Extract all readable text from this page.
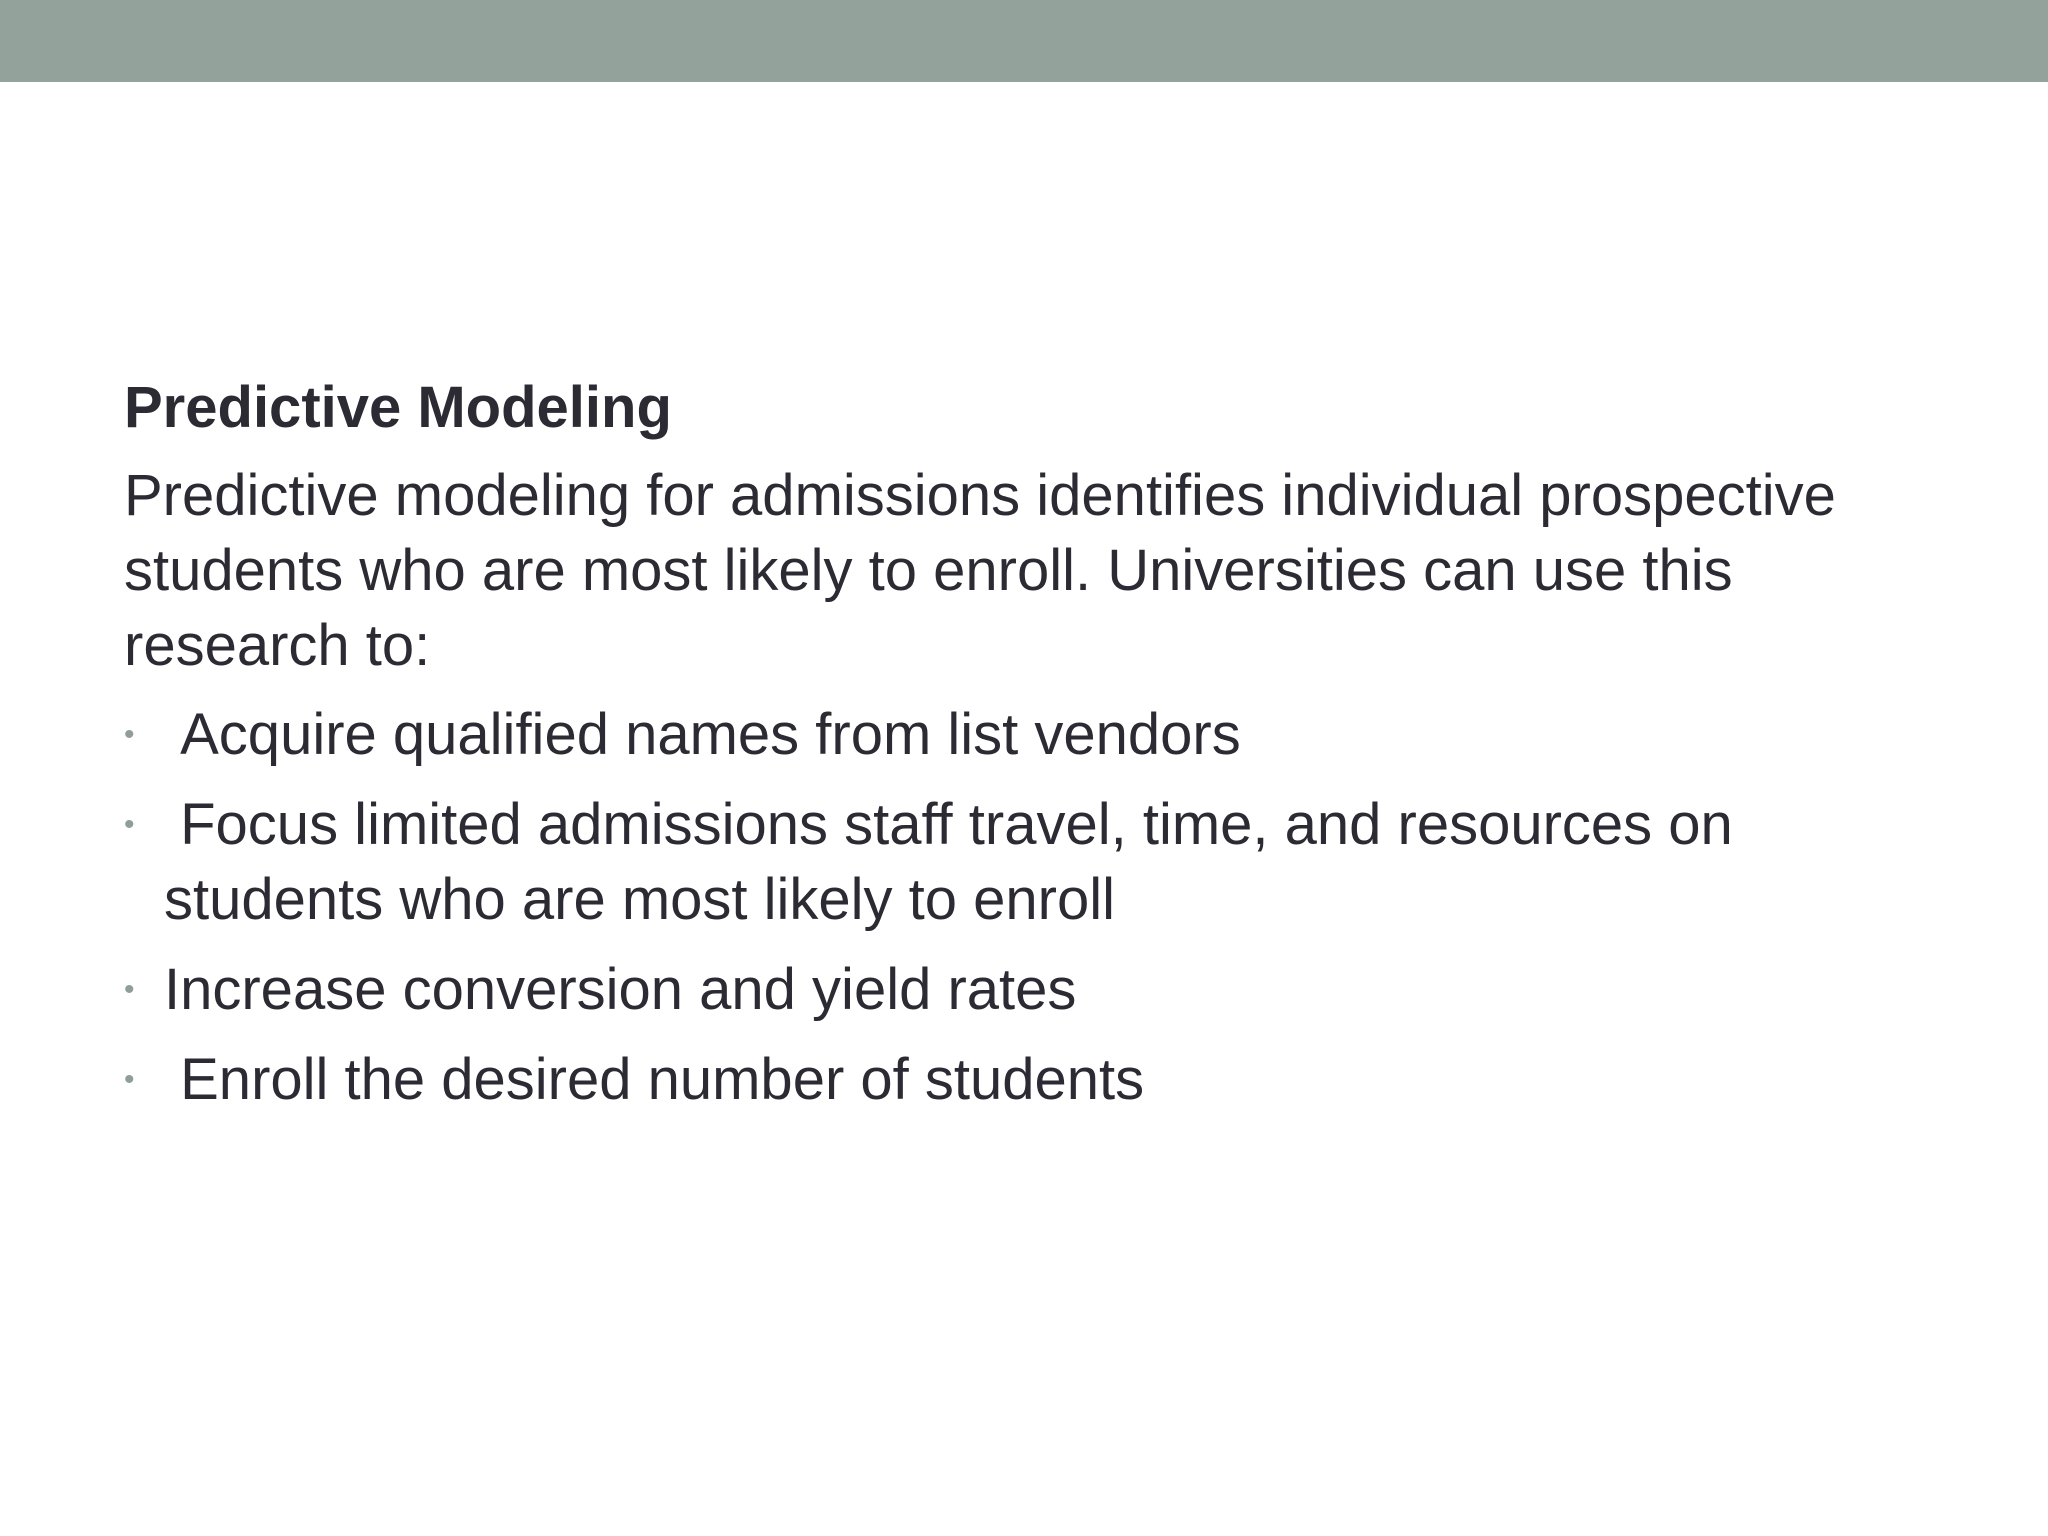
Predictive Modeling
Predictive modeling for admissions identifies individual prospective students who are most likely to enroll. Universities can use this research to:
• Acquire qualified names from list vendors
• Focus limited admissions staff travel, time, and resources on students who are most likely to enroll
• Increase conversion and yield rates
• Enroll the desired number of students
